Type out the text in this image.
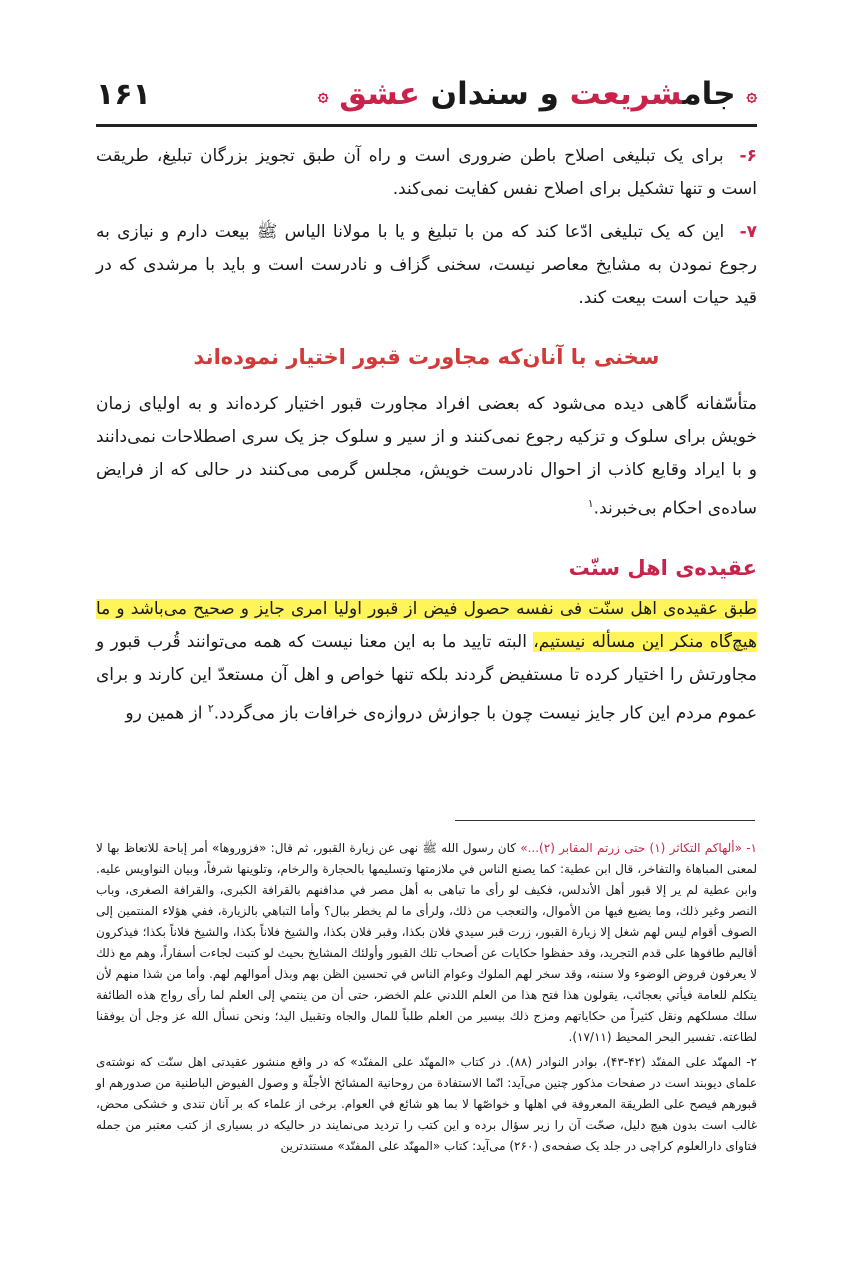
۞ جامشریعت و سندان عشق ۞
۱۶۱

۶- برای یک تبلیغی اصلاح باطن ضروری است و راه آن طبق تجویز بزرگان تبلیغ، طریقت است و تنها تشکیل برای اصلاح نفس کفایت نمی‌کند.

۷- این که یک تبلیغی ادّعا کند که من با تبلیغ و یا با مولانا الیاس ﷺ بیعت دارم و نیازی به رجوع نمودن به مشایخ معاصر نیست، سخنی گزاف و نادرست است و باید با مرشدی که در قید حیات است بیعت کند.

سخنی با آنان‌که مجاورت قبور اختیار نموده‌اند

متأسّفانه گاهی دیده می‌شود که بعضی افراد مجاورت قبور اختیار کرده‌اند و به اولیای زمان خویش برای سلوک و تزکیه رجوع نمی‌کنند و از سیر و سلوک جز یک سری اصطلاحات نمی‌دانند و با ایراد وقایع کاذب از احوال نادرست خویش، مجلس گرمی می‌کنند در حالی که از فرایض ساده‌ی احکام بی‌خبرند.$^۱$

عقیده‌ی اهل سنّت

طبق عقیده‌ی اهل سنّت فی نفسه حصول فیض از قبور اولیا امری جایز و صحیح می‌باشد و ما هیچ‌گاه منکر این مسأله نیستیم، البته تایید ما به این معنا نیست که همه می‌توانند قُرب قبور و مجاورتش را اختیار کرده تا مستفیض گردند بلکه تنها خواص و اهل آن مستعدّ این کارند و برای عموم مردم این کار جایز نیست چون با جوازش دروازه‌ی خرافات باز می‌گردد.$^۲$ از همین رو

۱- «ألهاكم التكاثر (١) حتى زرتم المقابر (٢)...» كان رسول الله ﷺ نهى عن زيارة القبور، ثم قال: «فزوروها» أمر إباحة للاتعاظ بها لا لمعنى المباهاة والتفاخر، قال ابن عطية: كما يصنع الناس في ملازمتها وتسليمها بالحجارة والرخام، وتلوينها شرفاً، وبيان النواويس عليه. وابن عطية لم ير إلا قبور أهل الأندلس، فكيف لو رأى ما تباهى به أهل مصر في مدافنهم بالقرافة الكبرى، والقرافة الصغرى، وباب النصر وغير ذلك، وما يضيع فيها من الأموال، والتعجب من ذلك، ولرأى ما لم يخطر ببال؟ وأما التباهي بالزيارة، ففي هؤلاء المنتمين إلى الصوف أقوام ليس لهم شغل إلا زيارة القبور، زرت قبر سيدي فلان بكذا، وقبر فلان بكذا، والشيخ فلاناً بكذا، والشيخ فلاناً بكذا؛ فيذكرون أقاليم طافوها على قدم التجريد، وقد حفظوا حكايات عن أصحاب تلك القبور وأولئك المشايخ بحيث لو كتبت لجاءت أسفاراً، وهم مع ذلك لا يعرفون فروض الوضوء ولا سننه، وقد سخر لهم الملوك وعوام الناس في تحسين الظن بهم وبذل أموالهم لهم. وأما من شذا منهم لأن يتكلم للعامة فيأتي بعجائب، يقولون هذا فتح هذا من العلم اللدني علم الخضر، حتى أن من ينتمي إلى العلم لما رأى رواج هذه الطائفة سلك مسلكهم ونقل كثيراً من حكاياتهم ومزج ذلك بيسير من العلم طلباً للمال والجاه وتقبيل اليد؛ ونحن نسأل الله عز وجل أن يوفقنا لطاعته. تفسير البحر المحيط (١٧/١١).

۲- المهنّد على المفنّد (۴۲-۴۳)، بوادر النوادر (۸۸). در کتاب «المهنّد علی المفنّد» که در واقع منشور عقیدتی اهل سنّت که نوشته‌ی علمای دیوبند است در صفحات مذکور چنین می‌آید: انّما الاستفادة من روحانية المشائخ الأجلّة و وصول الفيوض الباطنية من صدورهم او قبورهم فيصح على الطريقة المعروفة في اهلها و خواصّها لا بما هو شائع في العوام. برخی از علماء که بر آنان تندی و خشکی محض، غالب است بدون هیچ دلیل، صحّت آن را زیر سؤال برده و این کتب را تردید می‌نمایند در حالیکه در بسیاری از کتب معتبر من جمله فتاوای دارالعلوم کراچی در جلد یک صفحه‌ی (۲۶۰) می‌آید: کتاب «المهنّد علی المفنّد» مستندترین
